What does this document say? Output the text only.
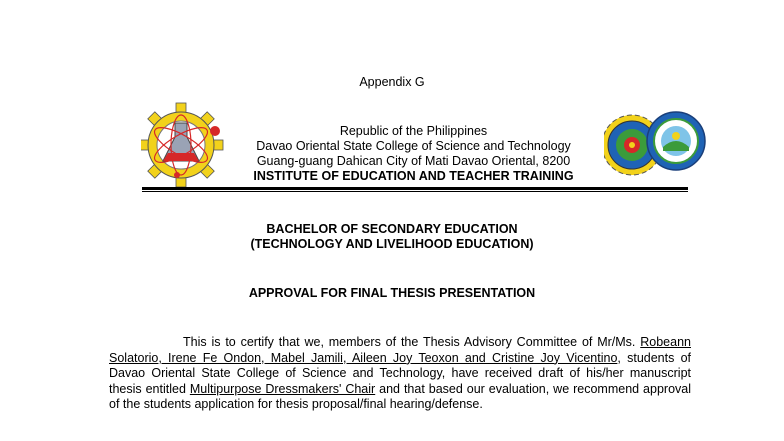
Appendix G
Republic of the Philippines
Davao Oriental State College of Science and Technology
Guang-guang Dahican City of Mati Davao Oriental, 8200
INSTITUTE OF EDUCATION AND TEACHER TRAINING
BACHELOR OF SECONDARY EDUCATION
(TECHNOLOGY AND LIVELIHOOD EDUCATION)
APPROVAL FOR FINAL THESIS PRESENTATION
This is to certify that we, members of the Thesis Advisory Committee of Mr/Ms. Robeann Solatorio, Irene Fe Ondon, Mabel Jamili, Aileen Joy Teoxon and Cristine Joy Vicentino, students of Davao Oriental State College of Science and Technology, have received draft of his/her manuscript thesis entitled Multipurpose Dressmakers' Chair and that based our evaluation, we recommend approval of the students application for thesis proposal/final hearing/defense.
